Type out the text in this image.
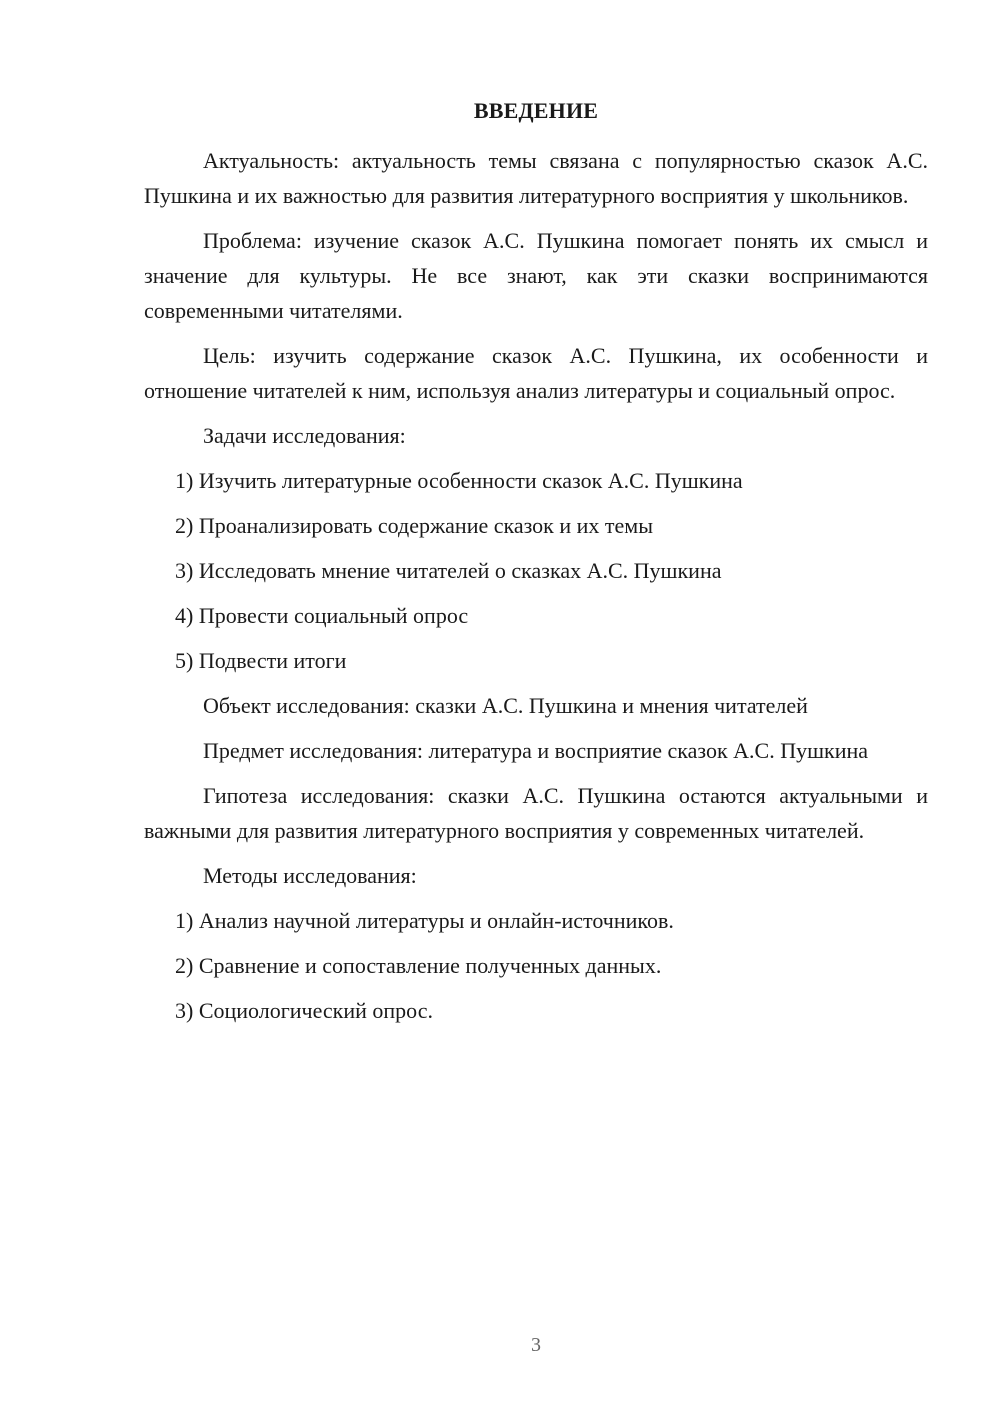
ВВЕДЕНИЕ

Актуальность: актуальность темы связана с популярностью сказок А.С. Пушкина и их важностью для развития литературного восприятия у школьников.

Проблема: изучение сказок А.С. Пушкина помогает понять их смысл и значение для культуры. Не все знают, как эти сказки воспринимаются современными читателями.

Цель: изучить содержание сказок А.С. Пушкина, их особенности и отношение читателей к ним, используя анализ литературы и социальный опрос.

Задачи исследования:

1) Изучить литературные особенности сказок А.С. Пушкина
2) Проанализировать содержание сказок и их темы
3) Исследовать мнение читателей о сказках А.С. Пушкина
4) Провести социальный опрос
5) Подвести итоги

Объект исследования: сказки А.С. Пушкина и мнения читателей

Предмет исследования: литература и восприятие сказок А.С. Пушкина

Гипотеза исследования: сказки А.С. Пушкина остаются актуальными и важными для развития литературного восприятия у современных читателей.

Методы исследования:

1) Анализ научной литературы и онлайн-источников.
2) Сравнение и сопоставление полученных данных.
3) Социологический опрос.
3
